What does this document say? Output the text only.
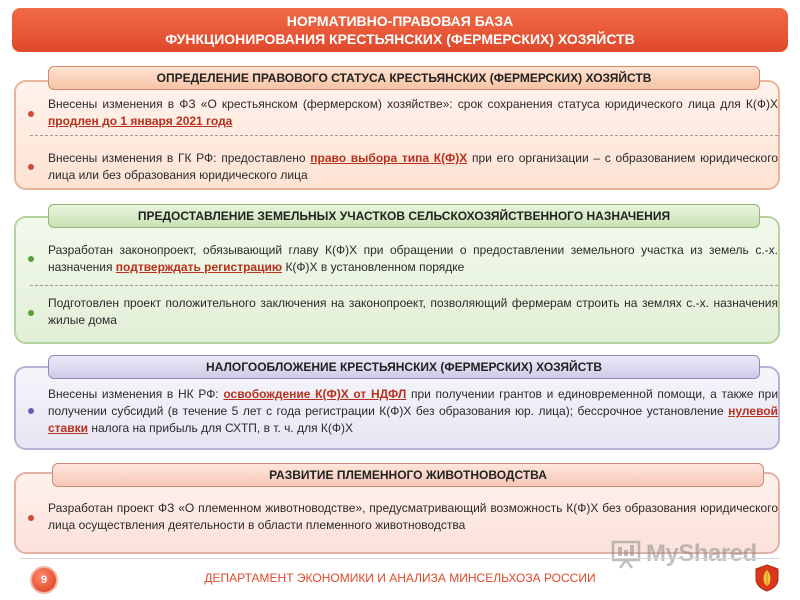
НОРМАТИВНО-ПРАВОВАЯ БАЗА
ФУНКЦИОНИРОВАНИЯ КРЕСТЬЯНСКИХ (ФЕРМЕРСКИХ) ХОЗЯЙСТВ
ОПРЕДЕЛЕНИЕ ПРАВОВОГО СТАТУСА КРЕСТЬЯНСКИХ (ФЕРМЕРСКИХ) ХОЗЯЙСТВ
Внесены изменения в ФЗ «О крестьянском (фермерском) хозяйстве»: срок сохранения статуса юридического лица для К(Ф)Х продлен до 1 января 2021 года
Внесены изменения в ГК РФ: предоставлено право выбора типа К(Ф)Х при его организации – с образованием юридического лица или без образования юридического лица
ПРЕДОСТАВЛЕНИЕ ЗЕМЕЛЬНЫХ УЧАСТКОВ СЕЛЬСКОХОЗЯЙСТВЕННОГО НАЗНАЧЕНИЯ
Разработан законопроект, обязывающий главу К(Ф)Х при обращении о предоставлении земельного участка из земель с.-х. назначения подтверждать регистрацию К(Ф)Х в установленном порядке
Подготовлен проект положительного заключения на законопроект, позволяющий фермерам строить на землях с.-х. назначения жилые дома
НАЛОГООБЛОЖЕНИЕ КРЕСТЬЯНСКИХ (ФЕРМЕРСКИХ) ХОЗЯЙСТВ
Внесены изменения в НК РФ: освобождение К(Ф)Х от НДФЛ при получении грантов и единовременной помощи, а также при получении субсидий (в течение 5 лет с года регистрации К(Ф)Х без образования юр. лица); бессрочное установление нулевой ставки налога на прибыль для СХТП, в т. ч. для К(Ф)Х
РАЗВИТИЕ ПЛЕМЕННОГО ЖИВОТНОВОДСТВА
Разработан проект ФЗ «О племенном животноводстве», предусматривающий возможность К(Ф)Х без образования юридического лица осуществления деятельности в области племенного животноводства
MyShared
9	ДЕПАРТАМЕНТ ЭКОНОМИКИ И АНАЛИЗА МИНСЕЛЬХОЗА РОССИИ
